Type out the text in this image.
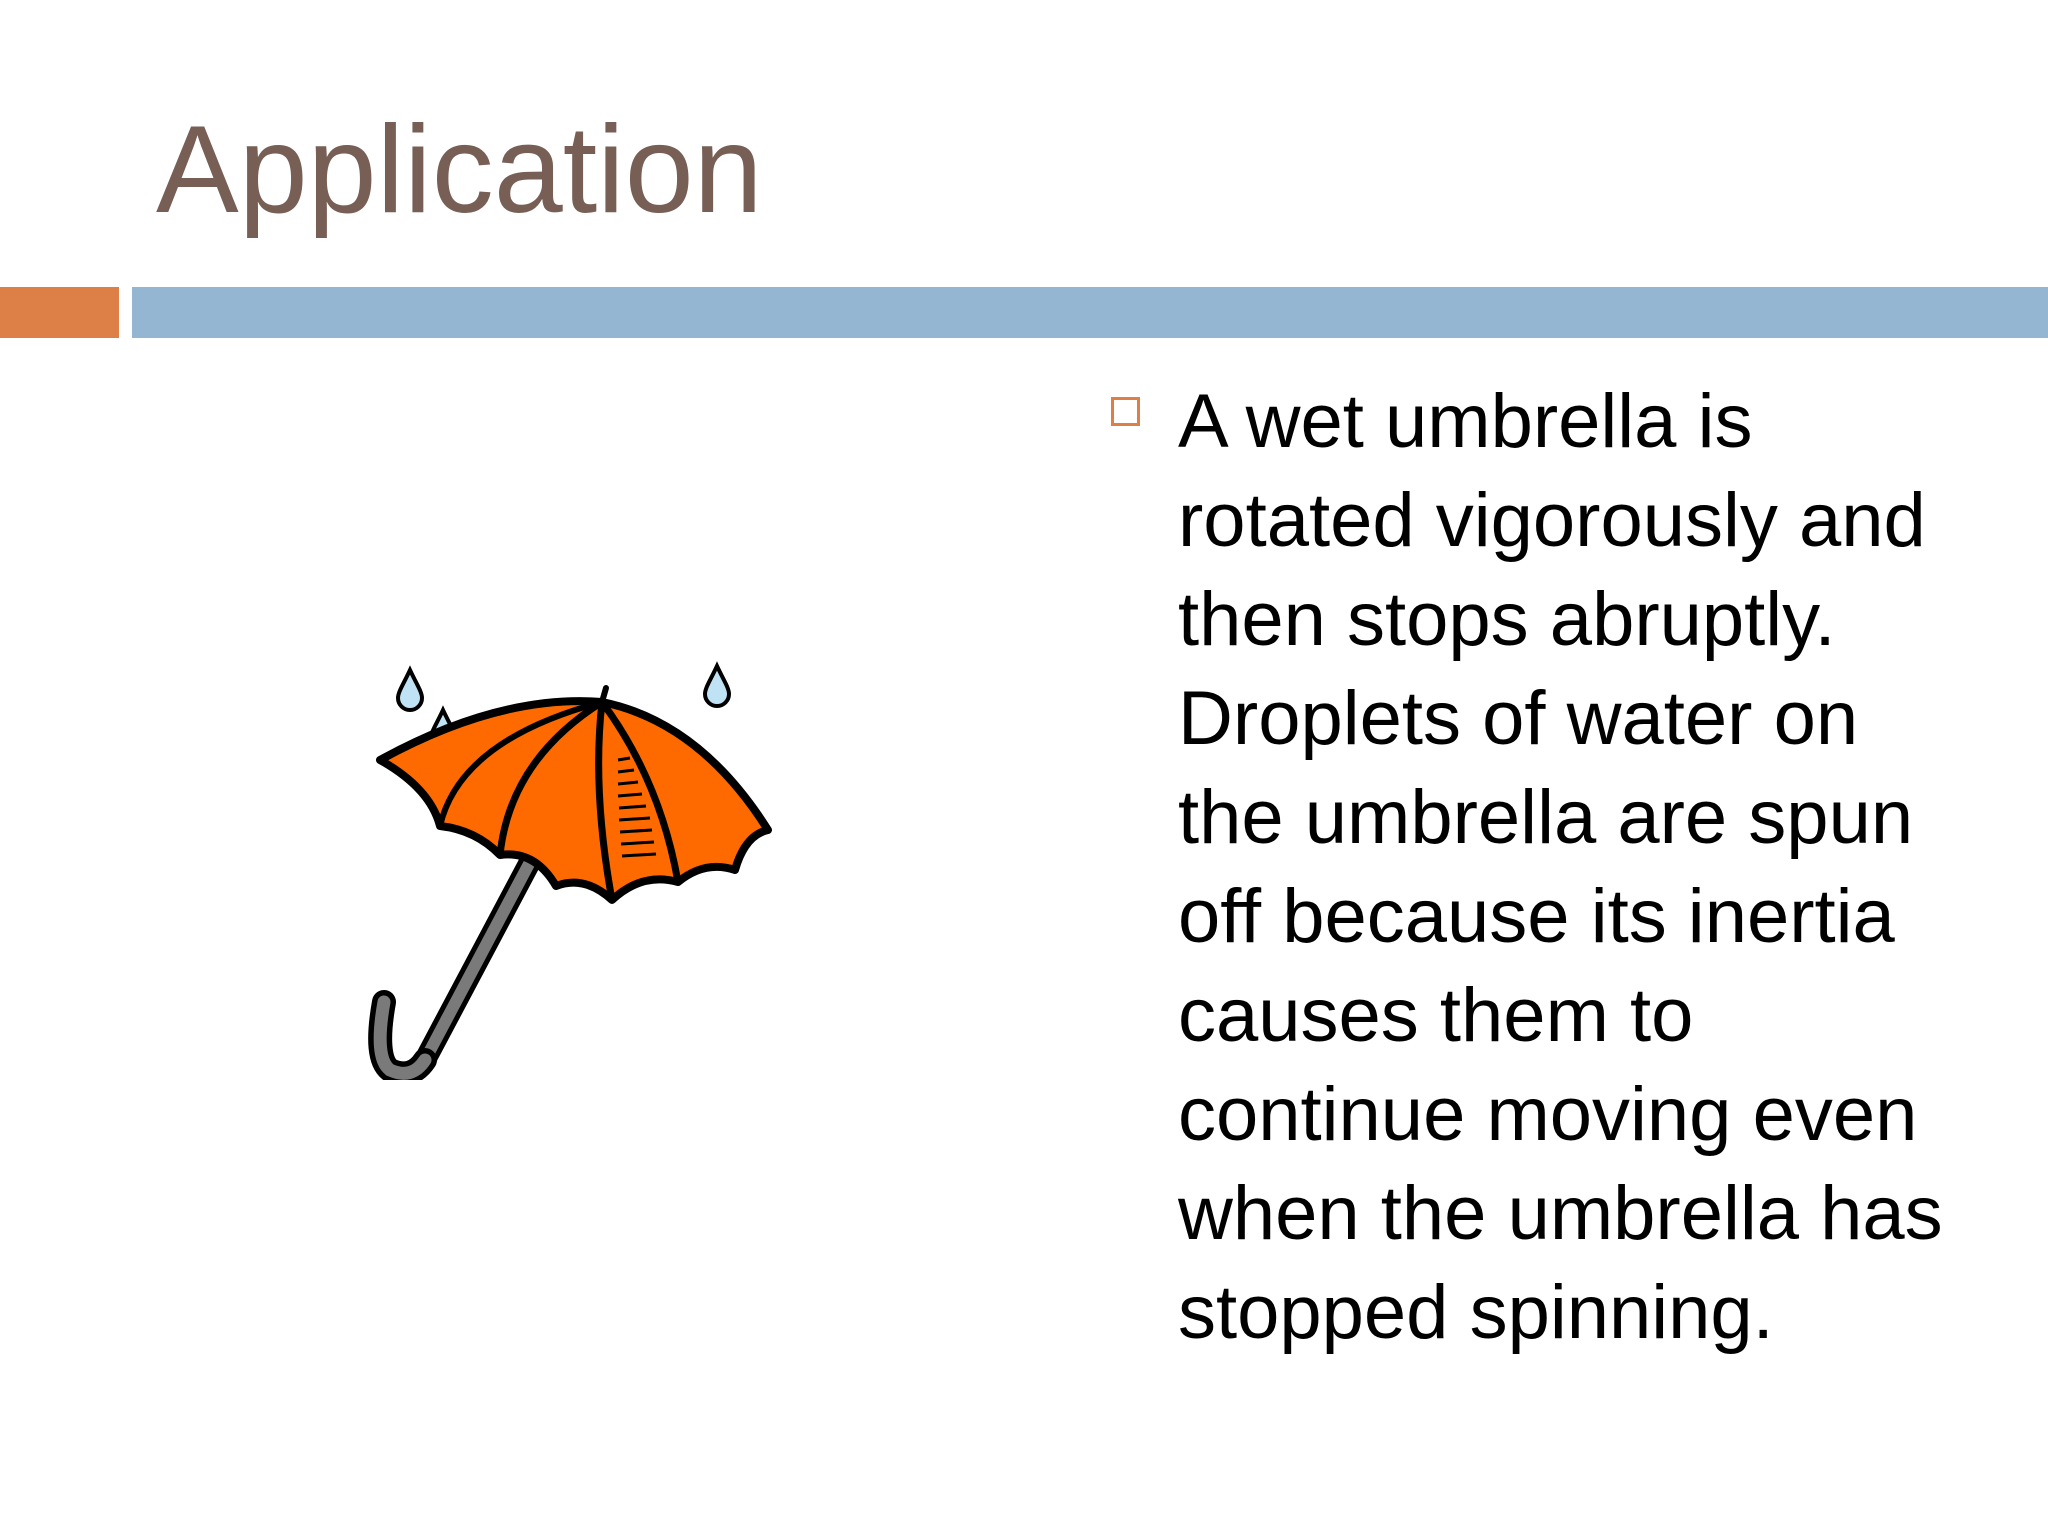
Application

A wet umbrella is rotated vigorously and then stops abruptly. Droplets of water on the umbrella are spun off because its inertia causes them to continue moving even when the umbrella has stopped spinning.
